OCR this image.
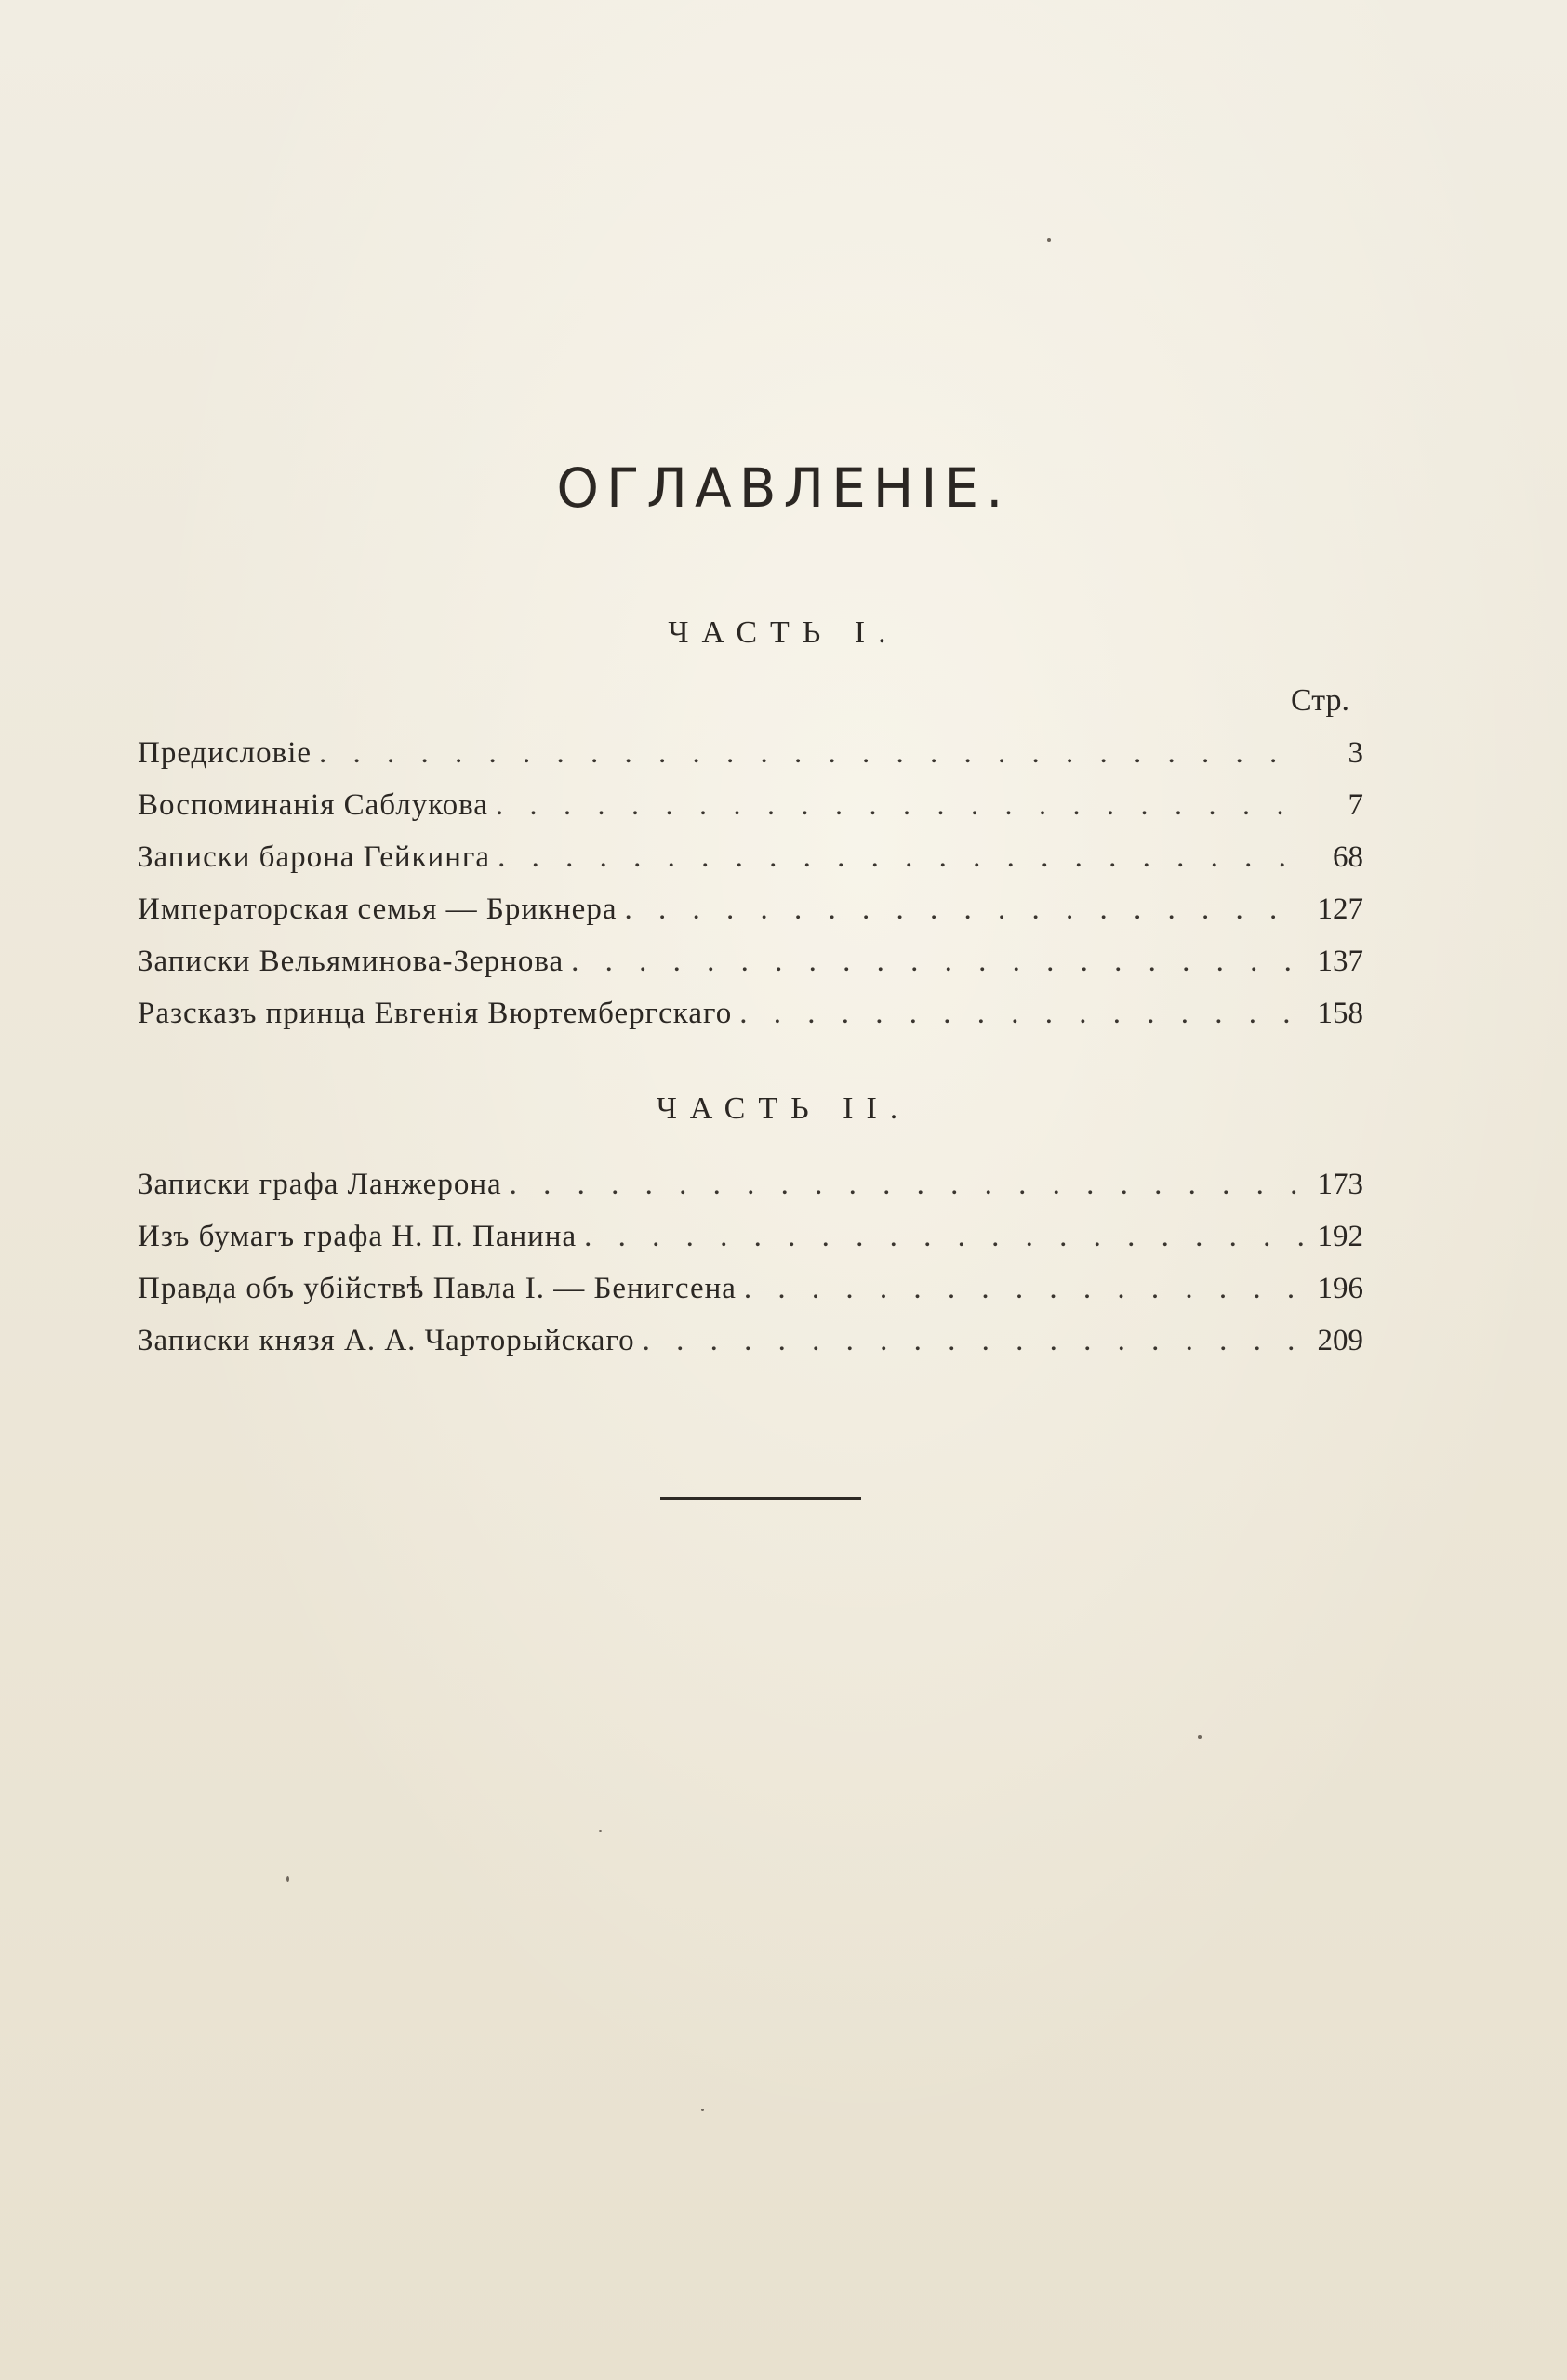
ОГЛАВЛЕНІЕ.
ЧАСТЬ I.
Стр.
Предисловіе . . .	3
Воспоминанія Саблукова . . .	7
Записки барона Гейкинга . . .	68
Императорская семья — Брикнера . . .	127
Записки Вельяминова-Зернова . . .	137
Разсказъ принца Евгенія Вюртембергскаго . . .	158
ЧАСТЬ II.
Записки графа Ланжерона . . .	173
Изъ бумагъ графа Н. П. Панина . . .	192
Правда объ убійствѣ Павла I. — Бенигсена . . .	196
Записки князя А. А. Чарторыйскаго . . .	209
